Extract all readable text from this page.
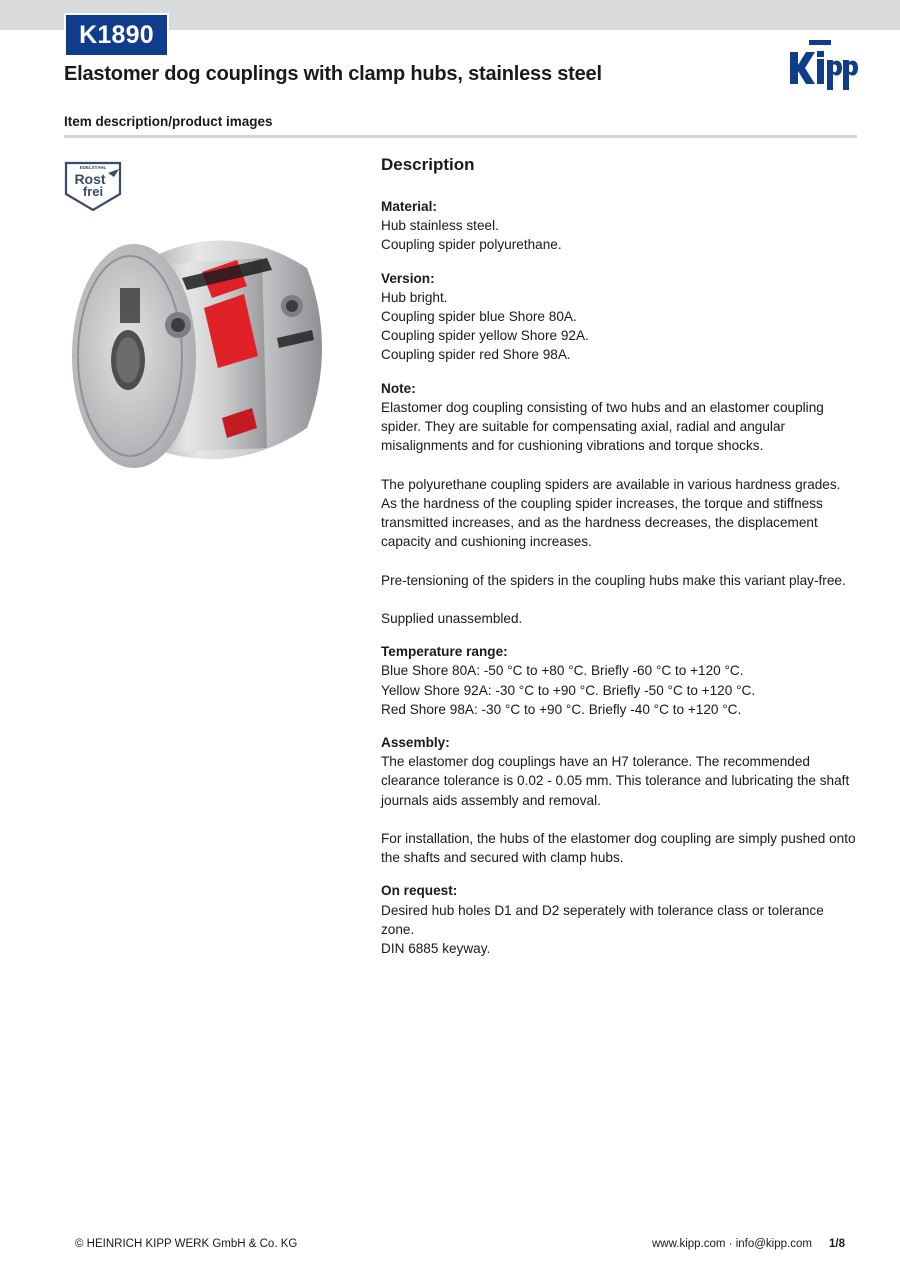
K1890
Elastomer dog couplings with clamp hubs, stainless steel
Item description/product images
EDELSTAHL
Rost
frei
Description

Material:

Hub stainless steel.

Coupling spider polyurethane.

Version:

Hub bright.

Coupling spider blue Shore 80A.

Coupling spider yellow Shore 92A.

Coupling spider red Shore 98A.

Note:

Elastomer dog coupling consisting of two hubs and an elastomer coupling spider. They are suitable for compensating axial, radial and angular misalignments and for cushioning vibrations and torque shocks.

The polyurethane coupling spiders are available in various hardness grades. As the hardness of the coupling spider increases, the torque and stiffness transmitted increases, and as the hardness decreases, the displacement capacity and cushioning increases.

Pre-tensioning of the spiders in the coupling hubs make this variant play-free.

Supplied unassembled.

Temperature range:

Blue Shore 80A: -50 °C to +80 °C. Briefly -60 °C to +120 °C.

Yellow Shore 92A: -30 °C to +90 °C. Briefly -50 °C to +120 °C.

Red Shore 98A: -30 °C to +90 °C. Briefly -40 °C to +120 °C.

Assembly:

The elastomer dog couplings have an H7 tolerance. The recommended clearance tolerance is 0.02 - 0.05 mm. This tolerance and lubricating the shaft journals aids assembly and removal.

For installation, the hubs of the elastomer dog coupling are simply pushed onto the shafts and secured with clamp hubs.

On request:

Desired hub holes D1 and D2 seperately with tolerance class or tolerance zone.

DIN 6885 keyway.

© HEINRICH KIPP WERK GmbH & Co. KG	www.kipp.com · info@kipp.com 1/8
